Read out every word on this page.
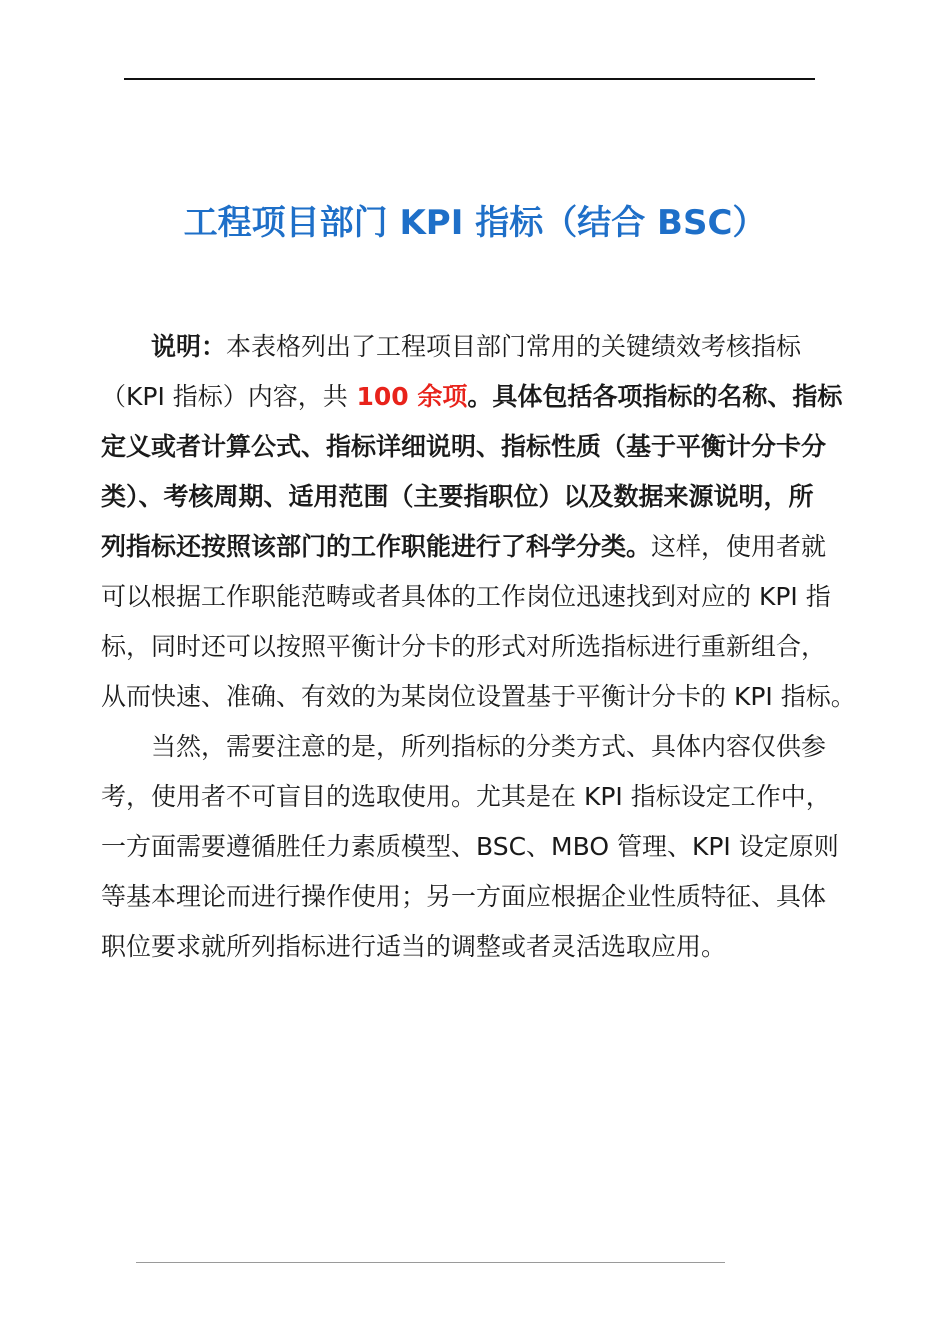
工程项目部门 KPI 指标（结合 BSC）
说明：本表格列出了工程项目部门常用的关键绩效考核指标
（KPI 指标）内容，共 100 余项。具体包括各项指标的名称、指标
定义或者计算公式、指标详细说明、指标性质（基于平衡计分卡分
类）、考核周期、适用范围（主要指职位）以及数据来源说明，所
列指标还按照该部门的工作职能进行了科学分类。这样，使用者就
可以根据工作职能范畴或者具体的工作岗位迅速找到对应的 KPI 指
标，同时还可以按照平衡计分卡的形式对所选指标进行重新组合，
从而快速、准确、有效的为某岗位设置基于平衡计分卡的 KPI 指标。
当然，需要注意的是，所列指标的分类方式、具体内容仅供参
考，使用者不可盲目的选取使用。尤其是在 KPI 指标设定工作中，
一方面需要遵循胜任力素质模型、BSC、MBO 管理、KPI 设定原则
等基本理论而进行操作使用；另一方面应根据企业性质特征、具体
职位要求就所列指标进行适当的调整或者灵活选取应用。
